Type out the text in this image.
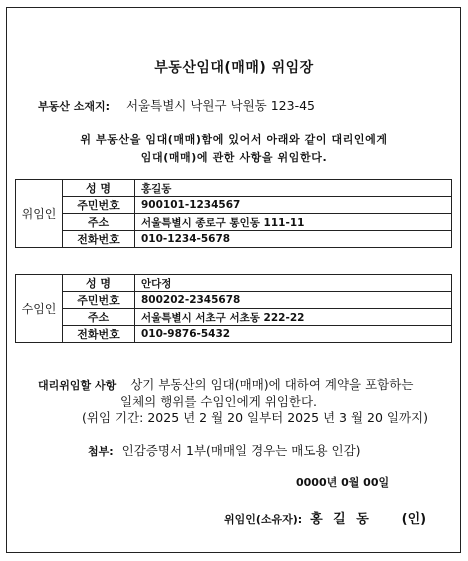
부동산임대(매매) 위임장
부동산 소재지: 서울특별시 낙원구 낙원동 123-45
위 부동산을 임대(매매)함에 있어서 아래와 같이 대리인에게
임대(매매)에 관한 사항을 위임한다.
위임인	성 명	홍길동
	주민번호	900101-1234567
	주소	서울특별시 종로구 통인동 111-11
	전화번호	010-1234-5678
수임인	성 명	안다정
	주민번호	800202-2345678
	주소	서울특별시 서초구 서초동 222-22
	전화번호	010-9876-5432
대리위임할 사항 상기 부동산의 임대(매매)에 대하여 계약을 포함하는
일체의 행위를 수임인에게 위임한다.
(위임 기간: 2025 년 2 월 20 일부터 2025 년 3 월 20 일까지)
첨부: 인감증명서 1부(매매일 경우는 매도용 인감)
0000년 0월 00일
위임인(소유자): 홍 길 동 (인)
